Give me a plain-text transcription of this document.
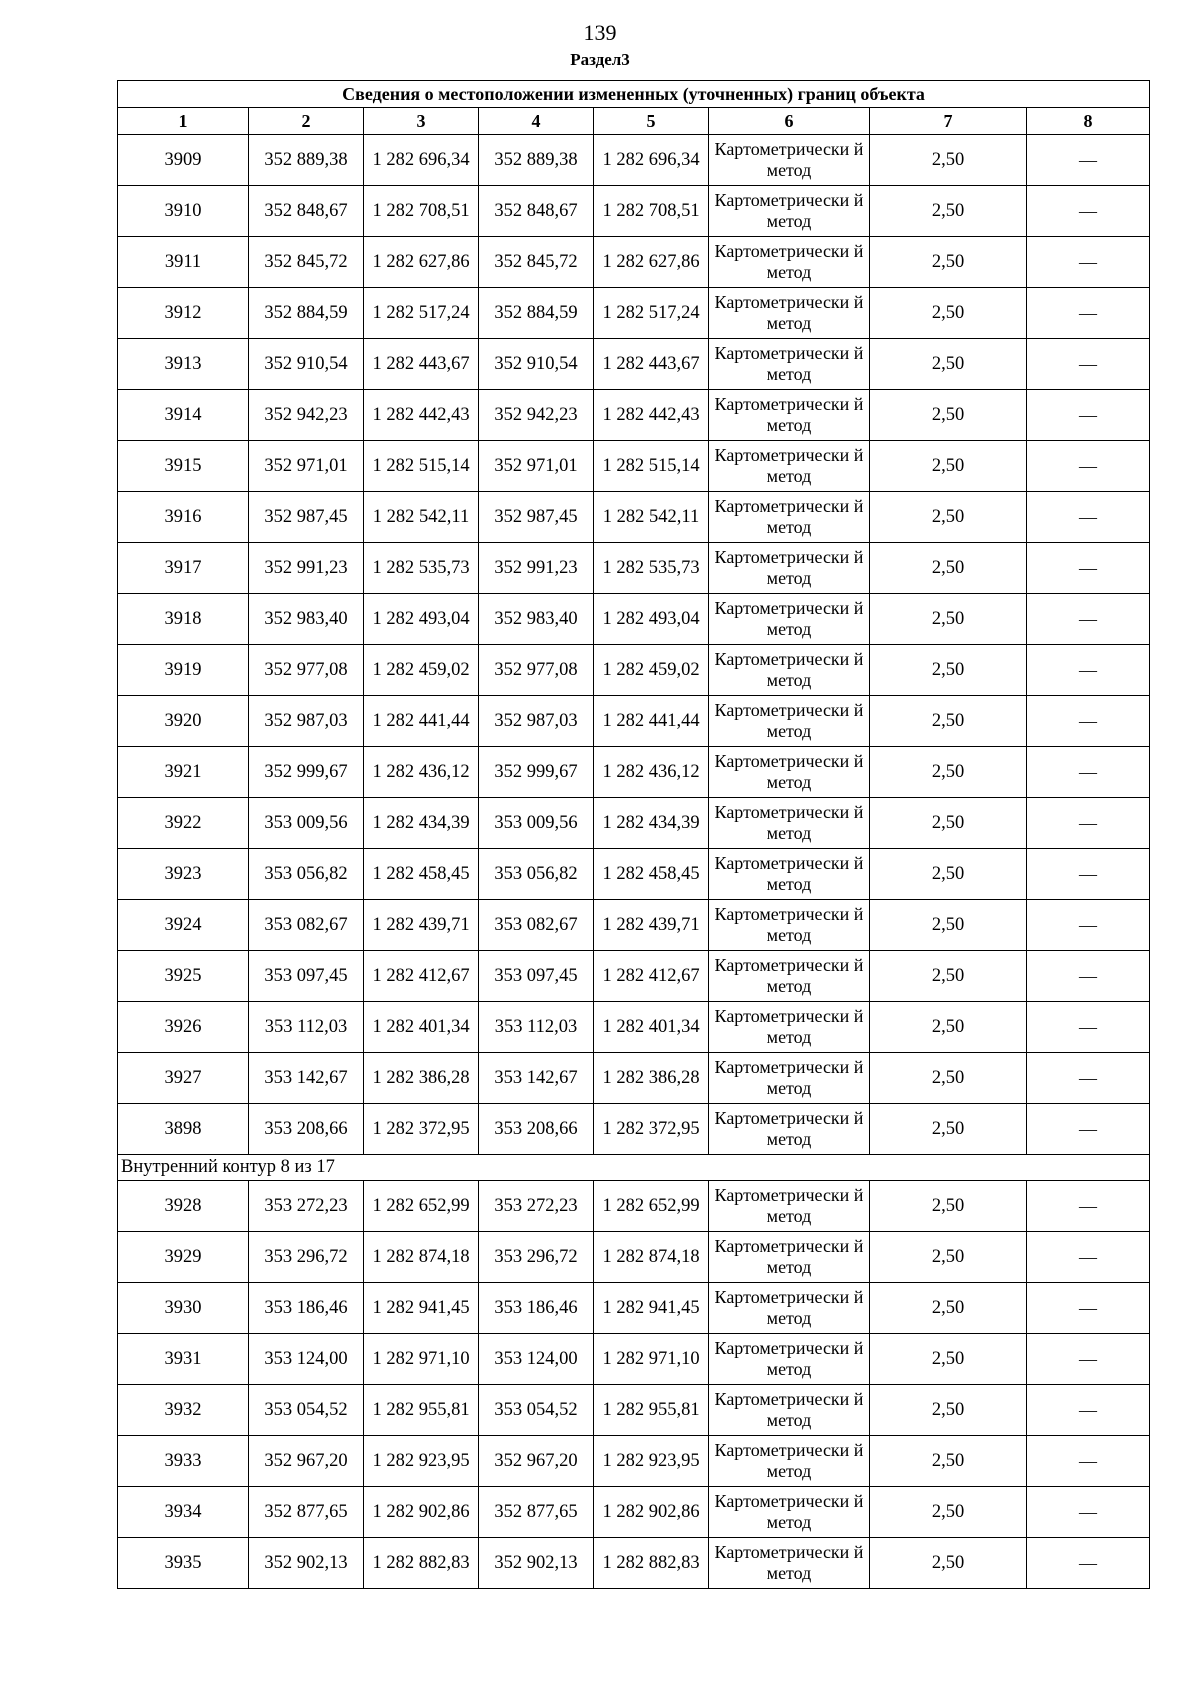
139
Раздел3
Сведения о местоположении измененных (уточненных) границ объекта							
1	2	3	4	5	6	7	8
3909	352 889,38	1 282 696,34	352 889,38	1 282 696,34	Картометрически й метод	2,50	—
3910	352 848,67	1 282 708,51	352 848,67	1 282 708,51	Картометрически й метод	2,50	—
3911	352 845,72	1 282 627,86	352 845,72	1 282 627,86	Картометрически й метод	2,50	—
3912	352 884,59	1 282 517,24	352 884,59	1 282 517,24	Картометрически й метод	2,50	—
3913	352 910,54	1 282 443,67	352 910,54	1 282 443,67	Картометрически й метод	2,50	—
3914	352 942,23	1 282 442,43	352 942,23	1 282 442,43	Картометрически й метод	2,50	—
3915	352 971,01	1 282 515,14	352 971,01	1 282 515,14	Картометрически й метод	2,50	—
3916	352 987,45	1 282 542,11	352 987,45	1 282 542,11	Картометрически й метод	2,50	—
3917	352 991,23	1 282 535,73	352 991,23	1 282 535,73	Картометрически й метод	2,50	—
3918	352 983,40	1 282 493,04	352 983,40	1 282 493,04	Картометрически й метод	2,50	—
3919	352 977,08	1 282 459,02	352 977,08	1 282 459,02	Картометрически й метод	2,50	—
3920	352 987,03	1 282 441,44	352 987,03	1 282 441,44	Картометрически й метод	2,50	—
3921	352 999,67	1 282 436,12	352 999,67	1 282 436,12	Картометрически й метод	2,50	—
3922	353 009,56	1 282 434,39	353 009,56	1 282 434,39	Картометрически й метод	2,50	—
3923	353 056,82	1 282 458,45	353 056,82	1 282 458,45	Картометрически й метод	2,50	—
3924	353 082,67	1 282 439,71	353 082,67	1 282 439,71	Картометрически й метод	2,50	—
3925	353 097,45	1 282 412,67	353 097,45	1 282 412,67	Картометрически й метод	2,50	—
3926	353 112,03	1 282 401,34	353 112,03	1 282 401,34	Картометрически й метод	2,50	—
3927	353 142,67	1 282 386,28	353 142,67	1 282 386,28	Картометрически й метод	2,50	—
3898	353 208,66	1 282 372,95	353 208,66	1 282 372,95	Картометрически й метод	2,50	—
Внутренний контур 8 из 17							
3928	353 272,23	1 282 652,99	353 272,23	1 282 652,99	Картометрически й метод	2,50	—
3929	353 296,72	1 282 874,18	353 296,72	1 282 874,18	Картометрически й метод	2,50	—
3930	353 186,46	1 282 941,45	353 186,46	1 282 941,45	Картометрически й метод	2,50	—
3931	353 124,00	1 282 971,10	353 124,00	1 282 971,10	Картометрически й метод	2,50	—
3932	353 054,52	1 282 955,81	353 054,52	1 282 955,81	Картометрически й метод	2,50	—
3933	352 967,20	1 282 923,95	352 967,20	1 282 923,95	Картометрически й метод	2,50	—
3934	352 877,65	1 282 902,86	352 877,65	1 282 902,86	Картометрически й метод	2,50	—
3935	352 902,13	1 282 882,83	352 902,13	1 282 882,83	Картометрически й метод	2,50	—
